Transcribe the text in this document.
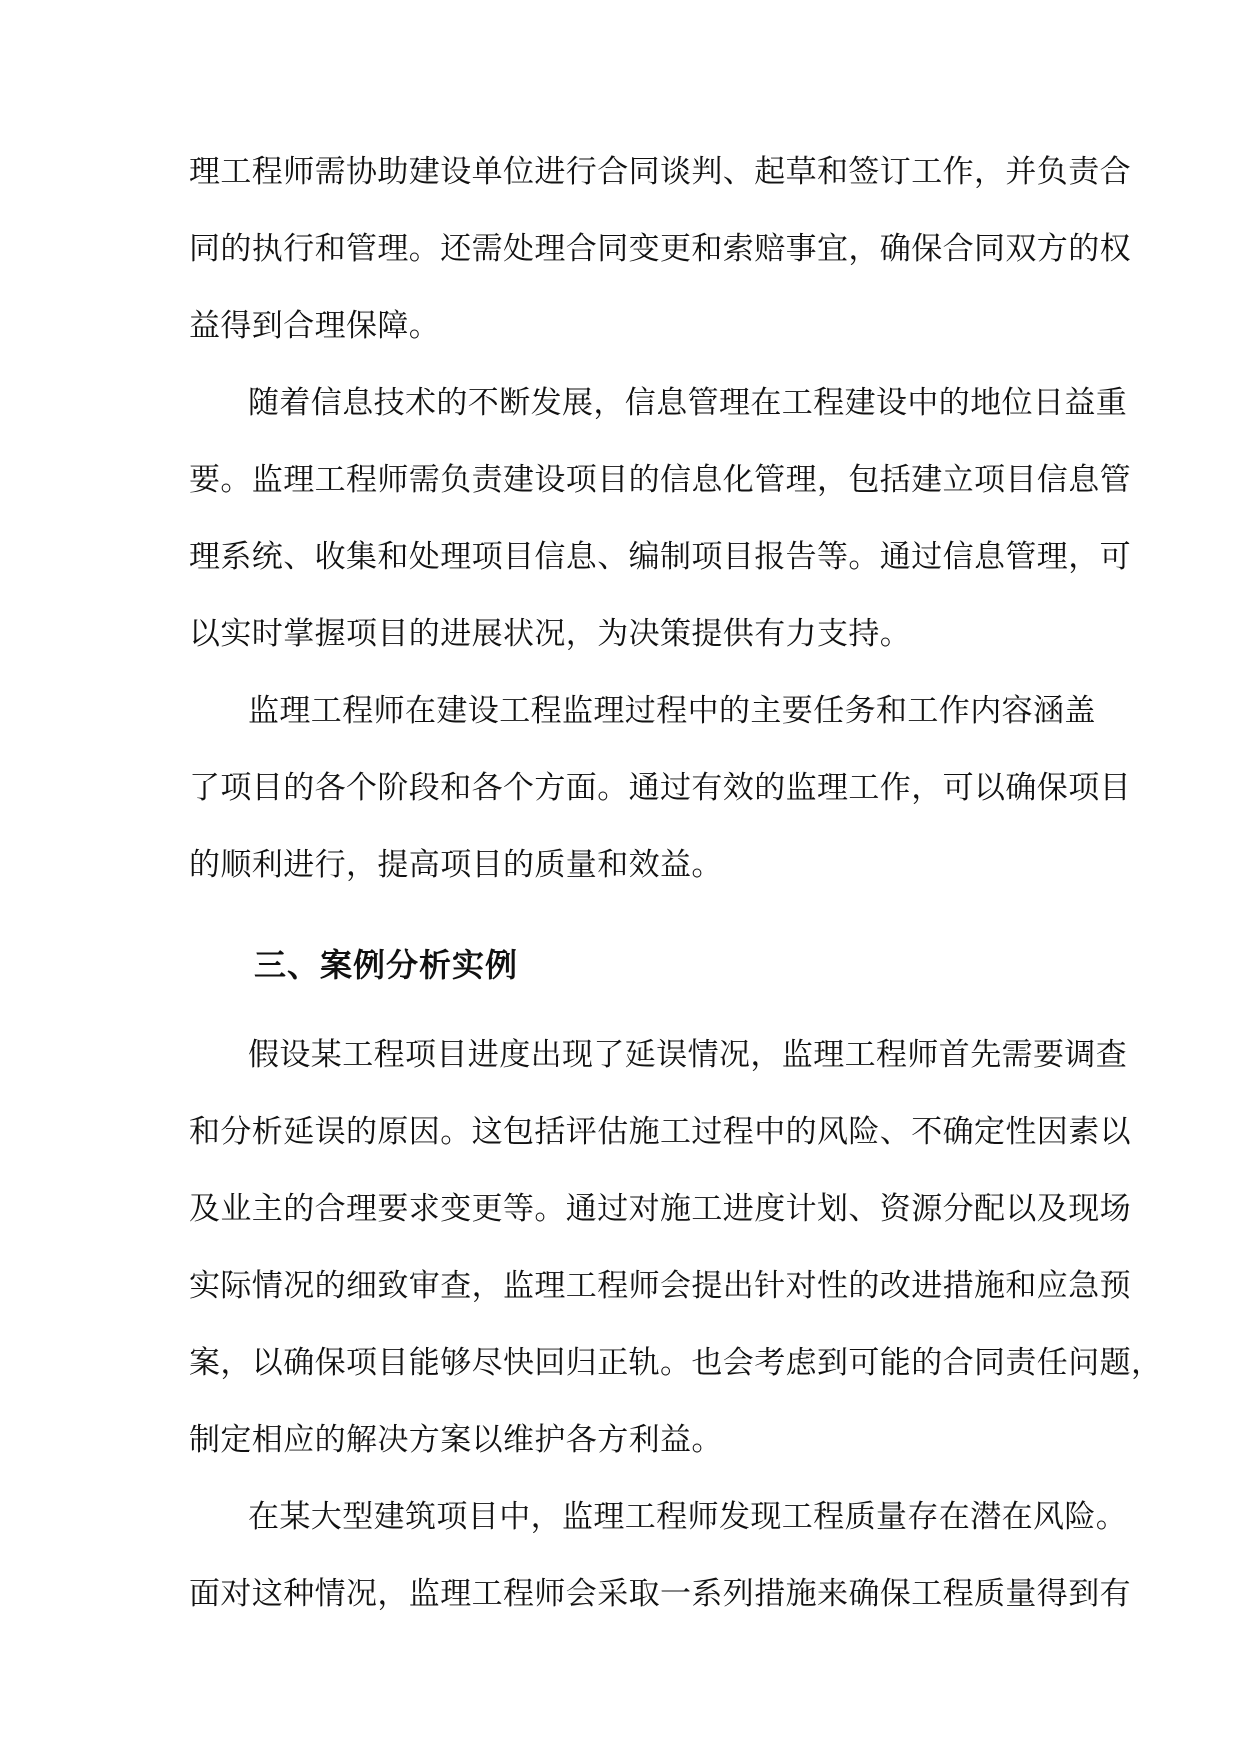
理工程师需协助建设单位进行合同谈判、起草和签订工作，并负责合
同的执行和管理。还需处理合同变更和索赔事宜，确保合同双方的权
益得到合理保障。
随着信息技术的不断发展，信息管理在工程建设中的地位日益重
要。监理工程师需负责建设项目的信息化管理，包括建立项目信息管
理系统、收集和处理项目信息、编制项目报告等。通过信息管理，可
以实时掌握项目的进展状况，为决策提供有力支持。
监理工程师在建设工程监理过程中的主要任务和工作内容涵盖
了项目的各个阶段和各个方面。通过有效的监理工作，可以确保项目
的顺利进行，提高项目的质量和效益。
三、案例分析实例
假设某工程项目进度出现了延误情况，监理工程师首先需要调查
和分析延误的原因。这包括评估施工过程中的风险、不确定性因素以
及业主的合理要求变更等。通过对施工进度计划、资源分配以及现场
实际情况的细致审查，监理工程师会提出针对性的改进措施和应急预
案，以确保项目能够尽快回归正轨。也会考虑到可能的合同责任问题，
制定相应的解决方案以维护各方利益。
在某大型建筑项目中，监理工程师发现工程质量存在潜在风险。
面对这种情况，监理工程师会采取一系列措施来确保工程质量得到有
